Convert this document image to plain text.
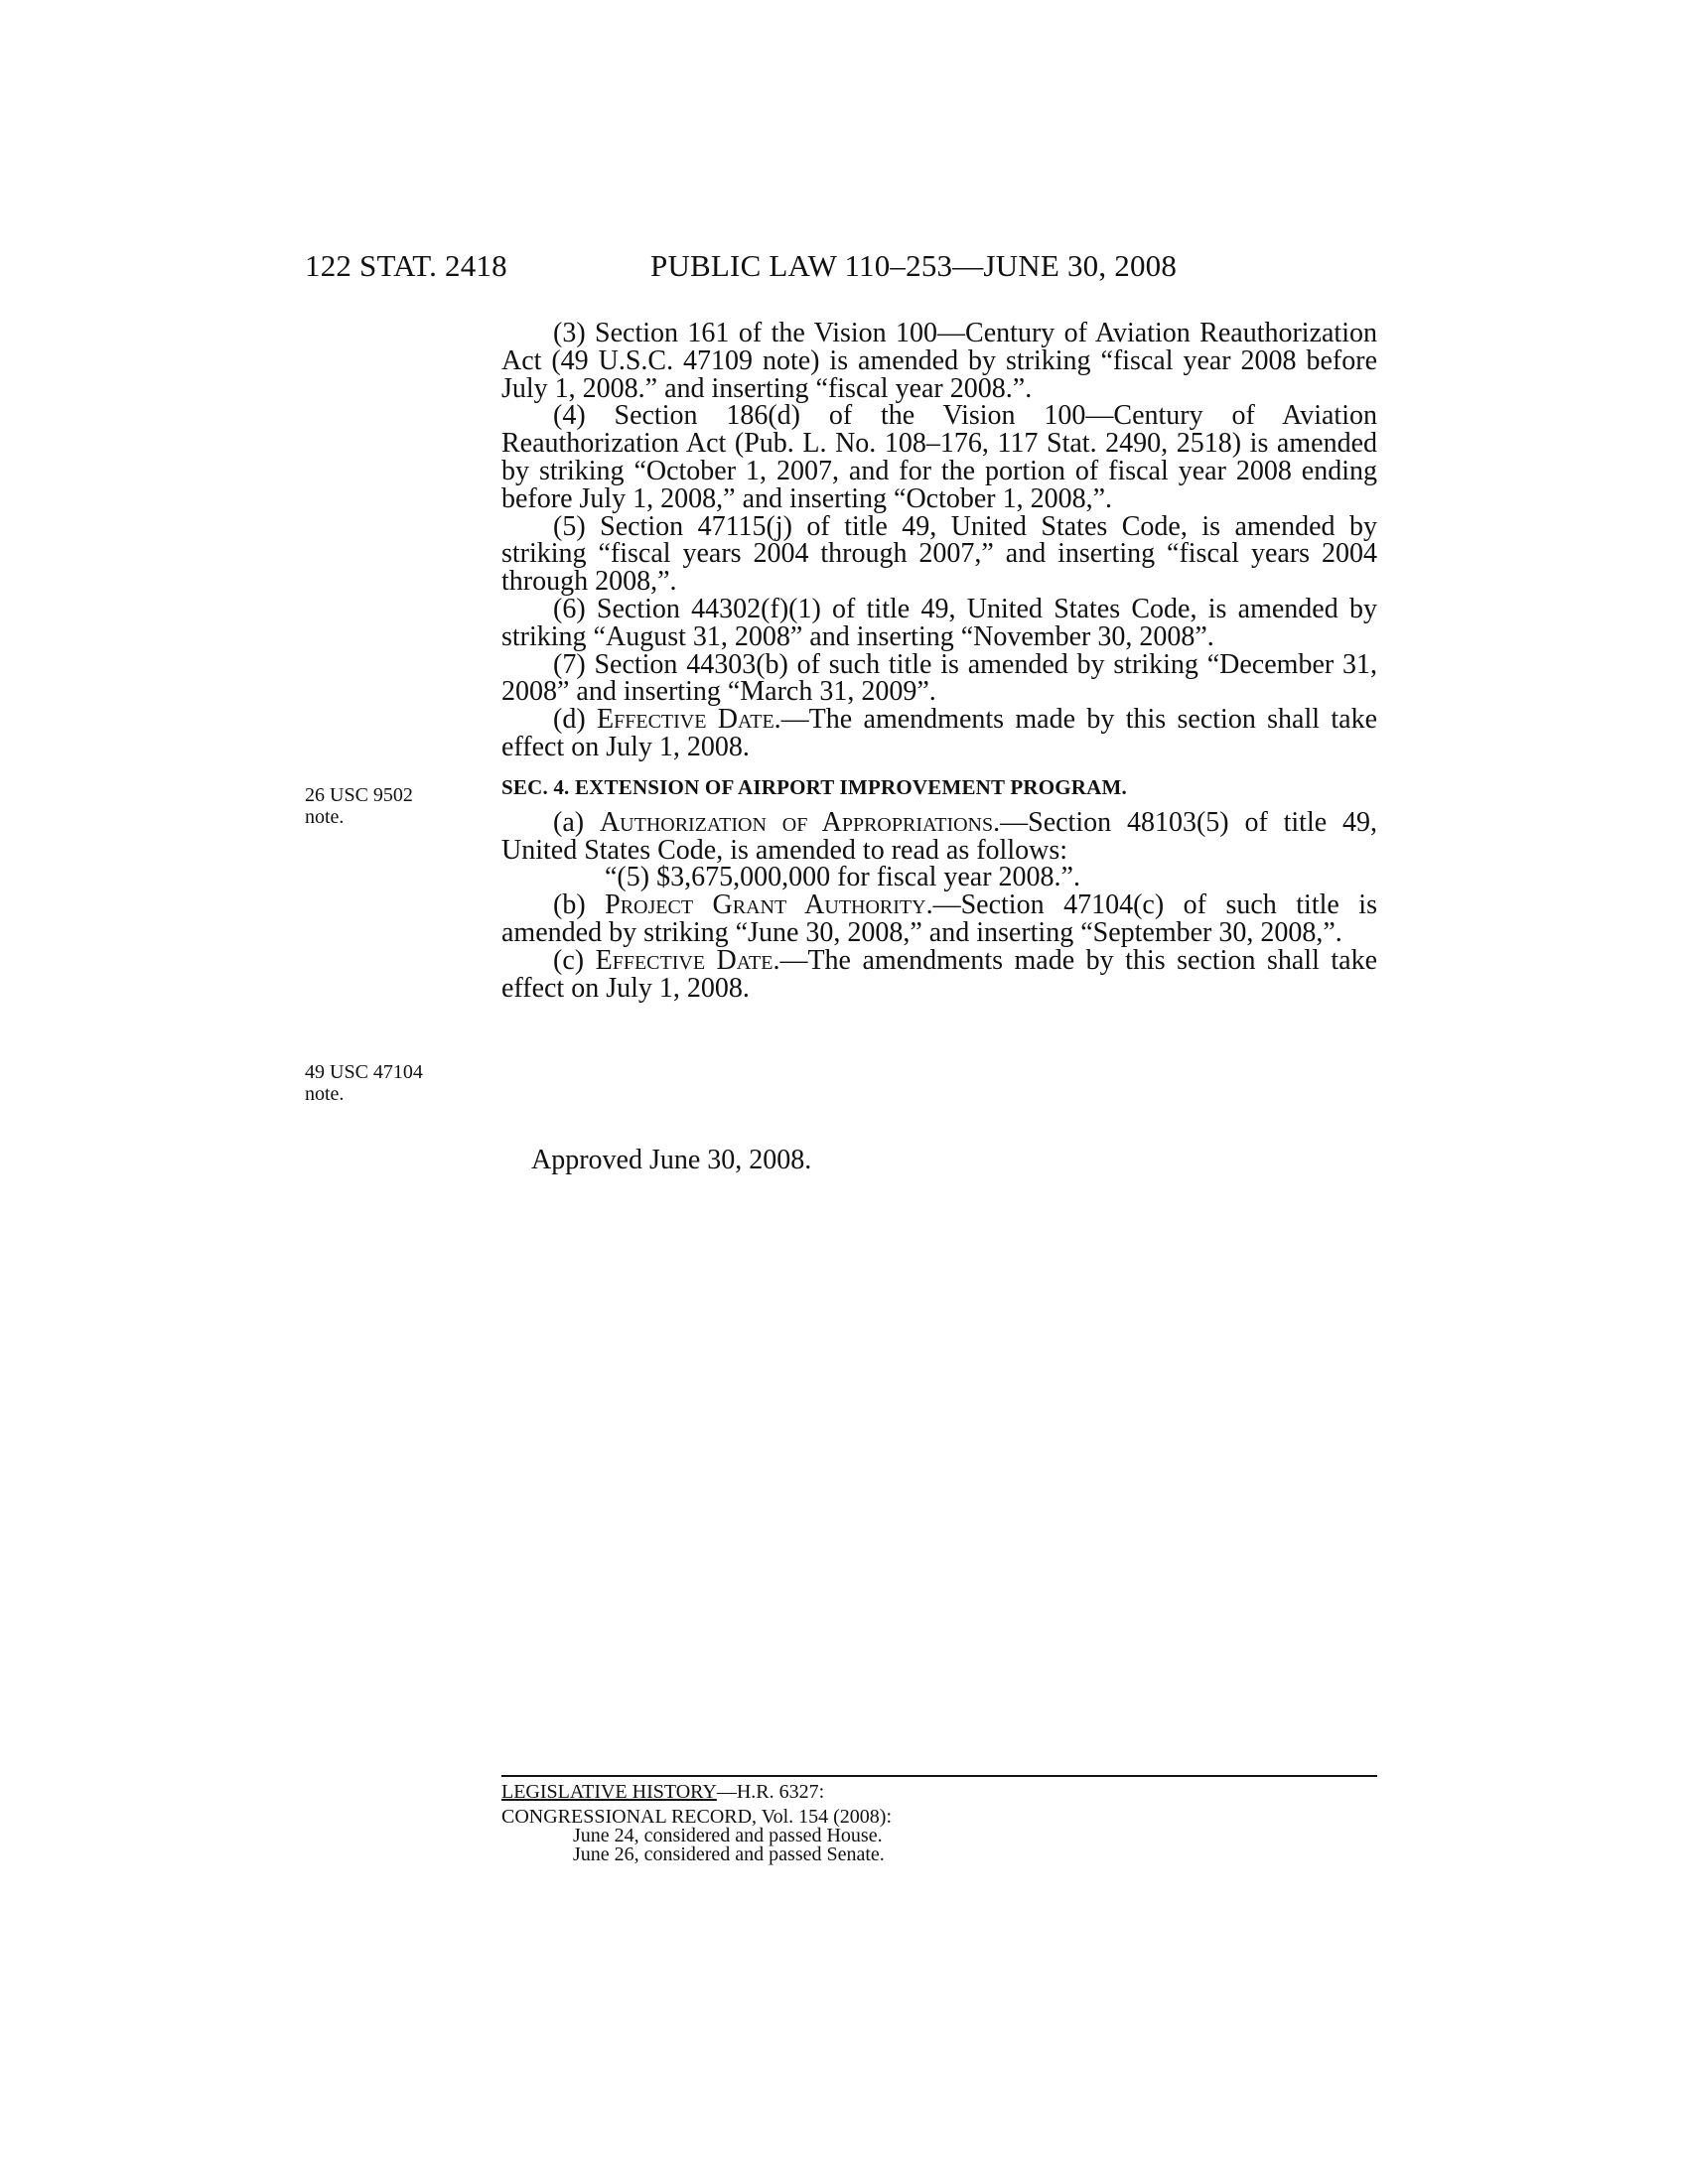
122 STAT. 2418	PUBLIC LAW 110–253—JUNE 30, 2008

(3) Section 161 of the Vision 100—Century of Aviation Reauthorization Act (49 U.S.C. 47109 note) is amended by striking “fiscal year 2008 before July 1, 2008.” and inserting “fiscal year 2008.”.

(4) Section 186(d) of the Vision 100—Century of Aviation Reauthorization Act (Pub. L. No. 108–176, 117 Stat. 2490, 2518) is amended by striking “October 1, 2007, and for the portion of fiscal year 2008 ending before July 1, 2008,” and inserting “October 1, 2008,”.

(5) Section 47115(j) of title 49, United States Code, is amended by striking “fiscal years 2004 through 2007,” and inserting “fiscal years 2004 through 2008,”.

(6) Section 44302(f)(1) of title 49, United States Code, is amended by striking “August 31, 2008” and inserting “November 30, 2008”.

(7) Section 44303(b) of such title is amended by striking “December 31, 2008” and inserting “March 31, 2009”.

(d) Effective Date.—The amendments made by this section shall take effect on July 1, 2008.

SEC. 4. EXTENSION OF AIRPORT IMPROVEMENT PROGRAM.

(a) Authorization of Appropriations.—Section 48103(5) of title 49, United States Code, is amended to read as follows:

“(5) $3,675,000,000 for fiscal year 2008.”.

(b) Project Grant Authority.—Section 47104(c) of such title is amended by striking “June 30, 2008,” and inserting “September 30, 2008,”.

(c) Effective Date.—The amendments made by this section shall take effect on July 1, 2008.

26 USC 9502
note.
49 USC 47104
note.
Approved June 30, 2008.
LEGISLATIVE HISTORY—H.R. 6327:
CONGRESSIONAL RECORD, Vol. 154 (2008):
June 24, considered and passed House.
June 26, considered and passed Senate.
